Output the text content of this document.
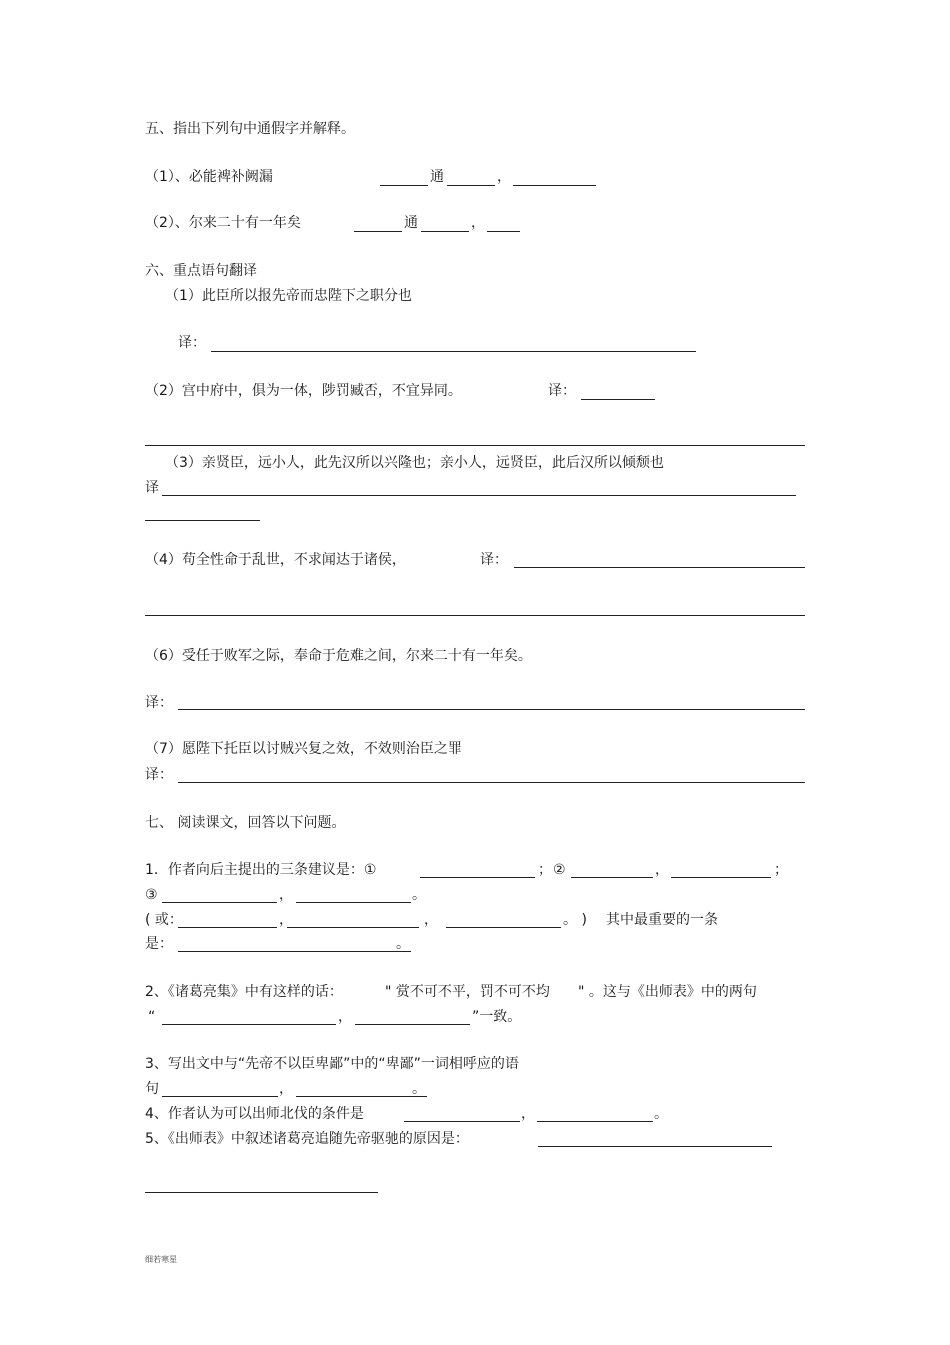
五、指出下列句中通假字并解释。
（1）、必能裨补阙漏	通	，
（2）、尔来二十有一年矣	通	，
六、重点语句翻译
（1）此臣所以报先帝而忠陛下之职分也
译：
（2）宫中府中，俱为一体，陟罚臧否，不宜异同。	译：
（3）亲贤臣，远小人，此先汉所以兴隆也；亲小人，远贤臣，此后汉所以倾颓也
译
（4）苟全性命于乱世，不求闻达于诸侯，	译：
（6）受任于败军之际，奉命于危难之间，尔来二十有一年矣。
译：
（7）愿陛下托臣以讨贼兴复之效，不效则治臣之罪
译：
七、 阅读课文，回答以下问题。
1．作者向后主提出的三条建议是：①	； ②	，	；
③	，	。
( 或：	，	，	。 ) 其中最重要的一条
是：	。
2、《诸葛亮集》中有这样的话：	" 赏不可不平，罚不可不均 " 。这与《出师表》中的两句
“	，	”一致。
3、写出文中与“先帝不以臣卑鄙”中的“卑鄙”一词相呼应的语
句	，	。
4、作者认为可以出师北伐的条件是	，	。
5、《出师表》中叙述诸葛亮追随先帝驱驰的原因是：
细若寒星
